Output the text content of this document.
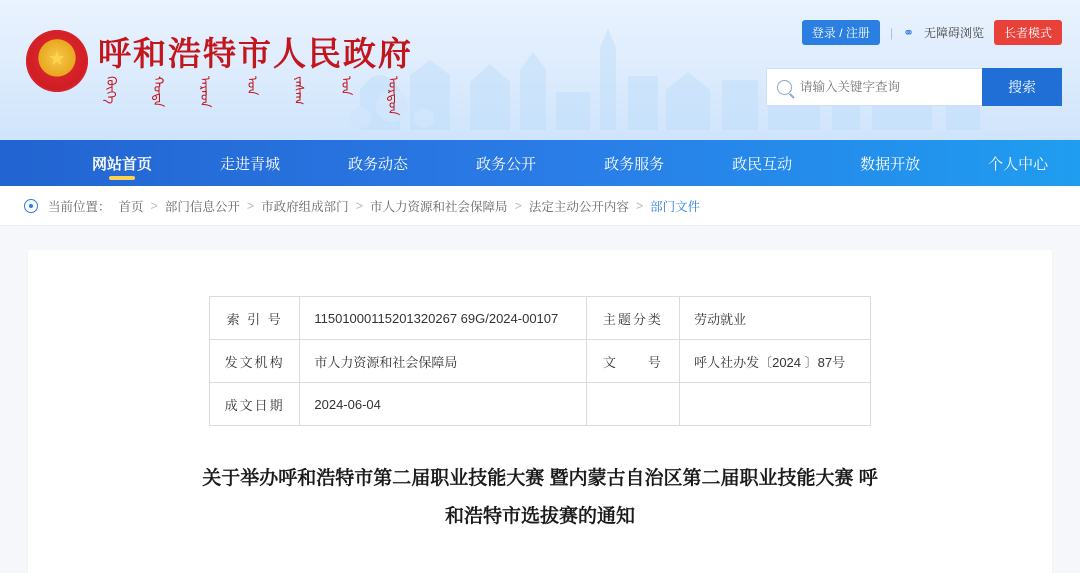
★ 呼和浩特市人民政府
ᠬᠥᠬᠡ	ᠬᠣᠲᠠ	ᠠᠷᠠᠳ	ᠤᠨ	ᠵᠠᠰᠠᠭ	ᠤᠨ	ᠣᠷᠳᠣᠨ
登录 / 注册	| ⚭ 无障碍浏览	长者模式
请输入关键字查询
搜索
网站首页	走进青城	政务动态	政务公开	政务服务	政民互动	数据开放	个人中心
当前位置： 首页 > 部门信息公开 > 市政府组成部门 > 市人力资源和社会保障局 > 法定主动公开内容 > 部门文件
索 引 号	11501000115201320267 69G/2024-00107	主题分类	劳动就业
发文机构	市人力资源和社会保障局	文　　号	呼人社办发〔2024 〕87号
成文日期	2024-06-04		
关于举办呼和浩特市第二届职业技能大赛 暨内蒙古自治区第二届职业技能大赛 呼和浩特市选拔赛的通知
